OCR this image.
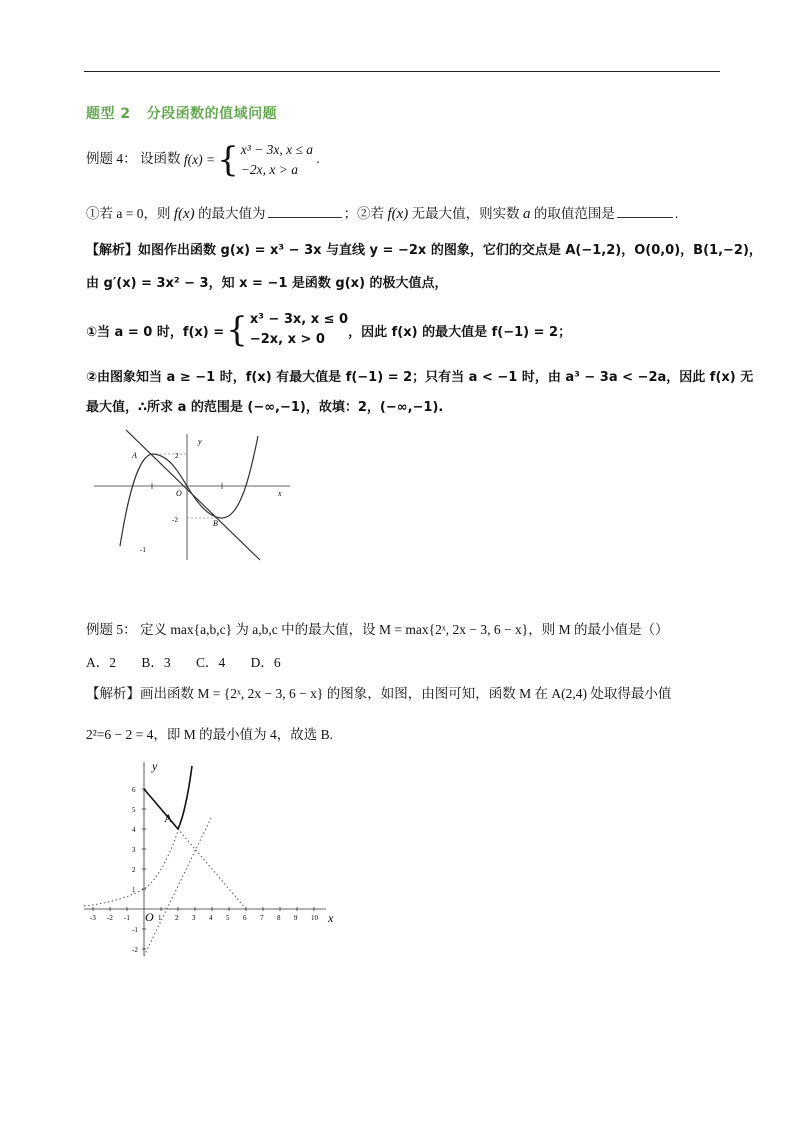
题型 2 分段函数的值域问题
例题 4： 设函数 f(x) = { x³ − 3x, x ≤ a
−2x, x > a
.
①若 a = 0，则 f(x) 的最大值为	；②若 f(x) 无最大值，则实数 a 的取值范围是	.
【解析】如图作出函数 g(x) = x³ − 3x 与直线 y = −2x 的图象，它们的交点是 A(−1,2)，O(0,0)，B(1,−2)，
由 g′(x) = 3x² − 3，知 x = −1 是函数 g(x) 的极大值点，
①当 a = 0 时，f(x) = { x³ − 3x, x ≤ 0
−2x, x > 0	，因此 f(x) 的最大值是 f(−1) = 2；
②由图象知当 a ≥ −1 时，f(x) 有最大值是 f(−1) = 2；只有当 a < −1 时，由 a³ − 3a < −2a，因此 f(x) 无
最大值，∴所求 a 的范围是 (−∞,−1)，故填：2，(−∞,−1).
y
x
A
B
O
2
-2
-1
例题 5： 定义 max{a,b,c} 为 a,b,c 中的最大值，设 M = max{2ˣ, 2x − 3, 6 − x}，则 M 的最小值是（）
A．2 B．3 C．4 D．6
【解析】画出函数 M = {2ˣ, 2x − 3, 6 − x} 的图象，如图，由图可知，函数 M 在 A(2,4) 处取得最小值
2²=6 − 2 = 4，即 M 的最小值为 4，故选 B.
-3 -2 -1	1 2 3 4 5 6 7 8 9 10
6
5
4
3
2
1
-1
-2
y
x
A
O
